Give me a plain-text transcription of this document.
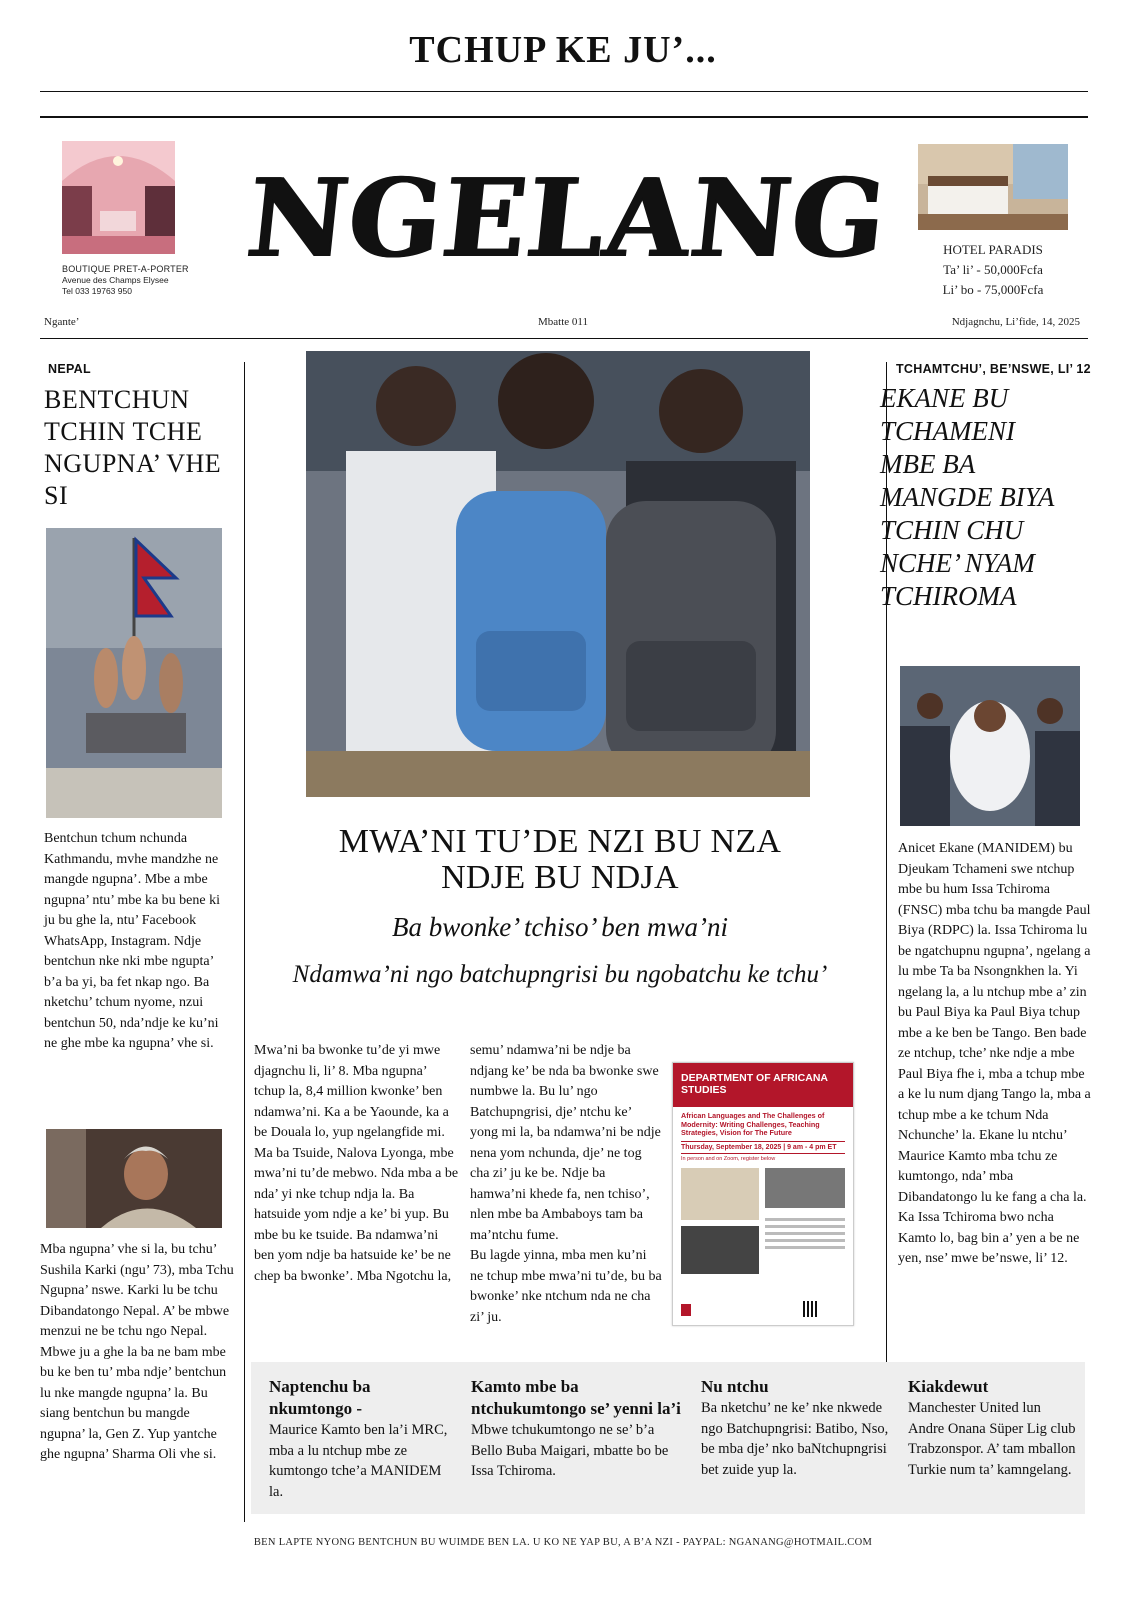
TCHUP KE JU’...
BOUTIQUE PRET-A-PORTER
Avenue des Champs Elysee
Tel 033 19763 950
NGELANG	HOTEL PARADIS
Ta’ li’ - 50,000Fcfa
Li’ bo - 75,000Fcfa
Ngante’	Mbatte 011	Ndjagnchu, Li’fide, 14, 2025
NEPAL
BENTCHUN TCHIN TCHE NGUPNA’ VHE SI
Bentchun tchum nchunda Kathmandu, mvhe mandzhe ne mangde ngupna’. Mbe a mbe ngupna’ ntu’ mbe ka bu bene ki ju bu ghe la, ntu’ Facebook WhatsApp, Instagram. Ndje bentchun nke nki mbe ngupta’ b’a ba yi, ba fet nkap ngo. Ba nketchu’ tchum nyome, nzui bentchun 50, nda’ndje ke ku’ni ne ghe mbe ka ngupna’ vhe si.
Mba ngupna’ vhe si la, bu tchu’ Sushila Karki (ngu’ 73), mba Tchu Ngupna’ nswe. Karki lu be tchu Dibandatongo Nepal. A’ be mbwe menzui ne be tchu ngo Nepal. Mbwe ju a ghe la ba ne bam mbe bu ke ben tu’ mba ndje’ bentchun lu nke mangde ngupna’ la. Bu siang bentchun bu mangde ngupna’ la, Gen Z. Yup yantche ghe ngupna’ Sharma Oli vhe si.
MWA’NI TU’DE NZI BU NZA
NDJE BU NDJA
Ba bwonke’ tchiso’ ben mwa’ni
Ndamwa’ni ngo batchupngrisi bu ngobatchu ke tchu’
Mwa’ni ba bwonke tu’de yi mwe djagnchu li, li’ 8. Mba ngupna’ tchup la, 8,4 million kwonke’ ben ndamwa’ni. Ka a be Yaounde, ka a be Douala lo, yup ngelangfide mi. Ma ba Tsuide, Nalova Lyonga, mbe mwa’ni tu’de mebwo. Nda mba a be nda’ yi nke tchup ndja la. Ba hatsuide yom ndje a ke’ bi yup. Bu mbe bu ke tsuide. Ba ndamwa’ni ben yom ndje ba hatsuide ke’ be ne chep ba bwonke’. Mba Ngotchu la,
semu’ ndamwa’ni be ndje ba ndjang ke’ be nda ba bwonke swe numbwe la. Bu lu’ ngo Batchupngrisi, dje’ ntchu ke’ yong mi la, ba ndamwa’ni be ndje nena yom nchunda, dje’ ne tog cha zi’ ju ke be. Ndje ba hamwa’ni khede fa, nen tchiso’, nlen mbe ba Ambaboys tam ba ma’ntchu fume.
Bu lagde yinna, mba men ku’ni ne tchup mbe mwa’ni tu’de, bu ba bwonke’ nke ntchum nda ne cha zi’ ju.
DEPARTMENT OF AFRICANA STUDIES
African Languages and The Challenges of Modernity: Writing Challenges, Teaching Strategies, Vision for The Future
Thursday, September 18, 2025 | 9 am - 4 pm ET
In person and on Zoom, register below
TCHAMTCHU’, BE’NSWE, LI’ 12
EKANE BU TCHAMENI MBE BA MANGDE BIYA TCHIN CHU NCHE’ NYAM TCHIROMA
Anicet Ekane (MANIDEM) bu Djeukam Tchameni swe ntchup mbe bu hum Issa Tchiroma (FNSC) mba tchu ba mangde Paul Biya (RDPC) la. Issa Tchiroma lu be ngatchupnu ngupna’, ngelang a lu mbe Ta ba Nsongnkhen la. Yi ngelang la, a lu ntchup mbe a’ zin bu Paul Biya ka Paul Biya tchup mbe a ke ben be Tango. Ben bade ze ntchup, tche’ nke ndje a mbe Paul Biya fhe i, mba a tchup mbe a ke lu num djang Tango la, mba a tchup mbe a ke tchum Nda Nchunche’ la. Ekane lu ntchu’ Maurice Kamto mba tchu ze kumtongo, nda’ mba Dibandatongo lu ke fang a cha la. Ka Issa Tchiroma bwo ncha Kamto lo, bag bin a’ yen a be ne yen, nse’ mwe be’nswe, li’ 12.
Naptenchu ba nkumtongo -
Maurice Kamto ben la’i MRC, mba a lu ntchup mbe ze kumtongo tche’a MANIDEM la.
Kamto mbe ba ntchukumtongo se’ yenni la’i
Mbwe tchukumtongo ne se’ b’a Bello Buba Maigari, mbatte bo be Issa Tchiroma.
Nu ntchu
Ba nketchu’ ne ke’ nke nkwede ngo Batchupngrisi: Batibo, Nso, be mba dje’ nko baNtchupngrisi bet zuide yup la.
Kiakdewut
Manchester United lun Andre Onana Süper Lig club Trabzonspor. A’ tam mballon Turkie num ta’ kamngelang.
BEN LAPTE NYONG BENTCHUN BU WUIMDE BEN LA. U KO NE YAP BU, A B’A NZI - PAYPAL: NGANANG@HOTMAIL.COM
